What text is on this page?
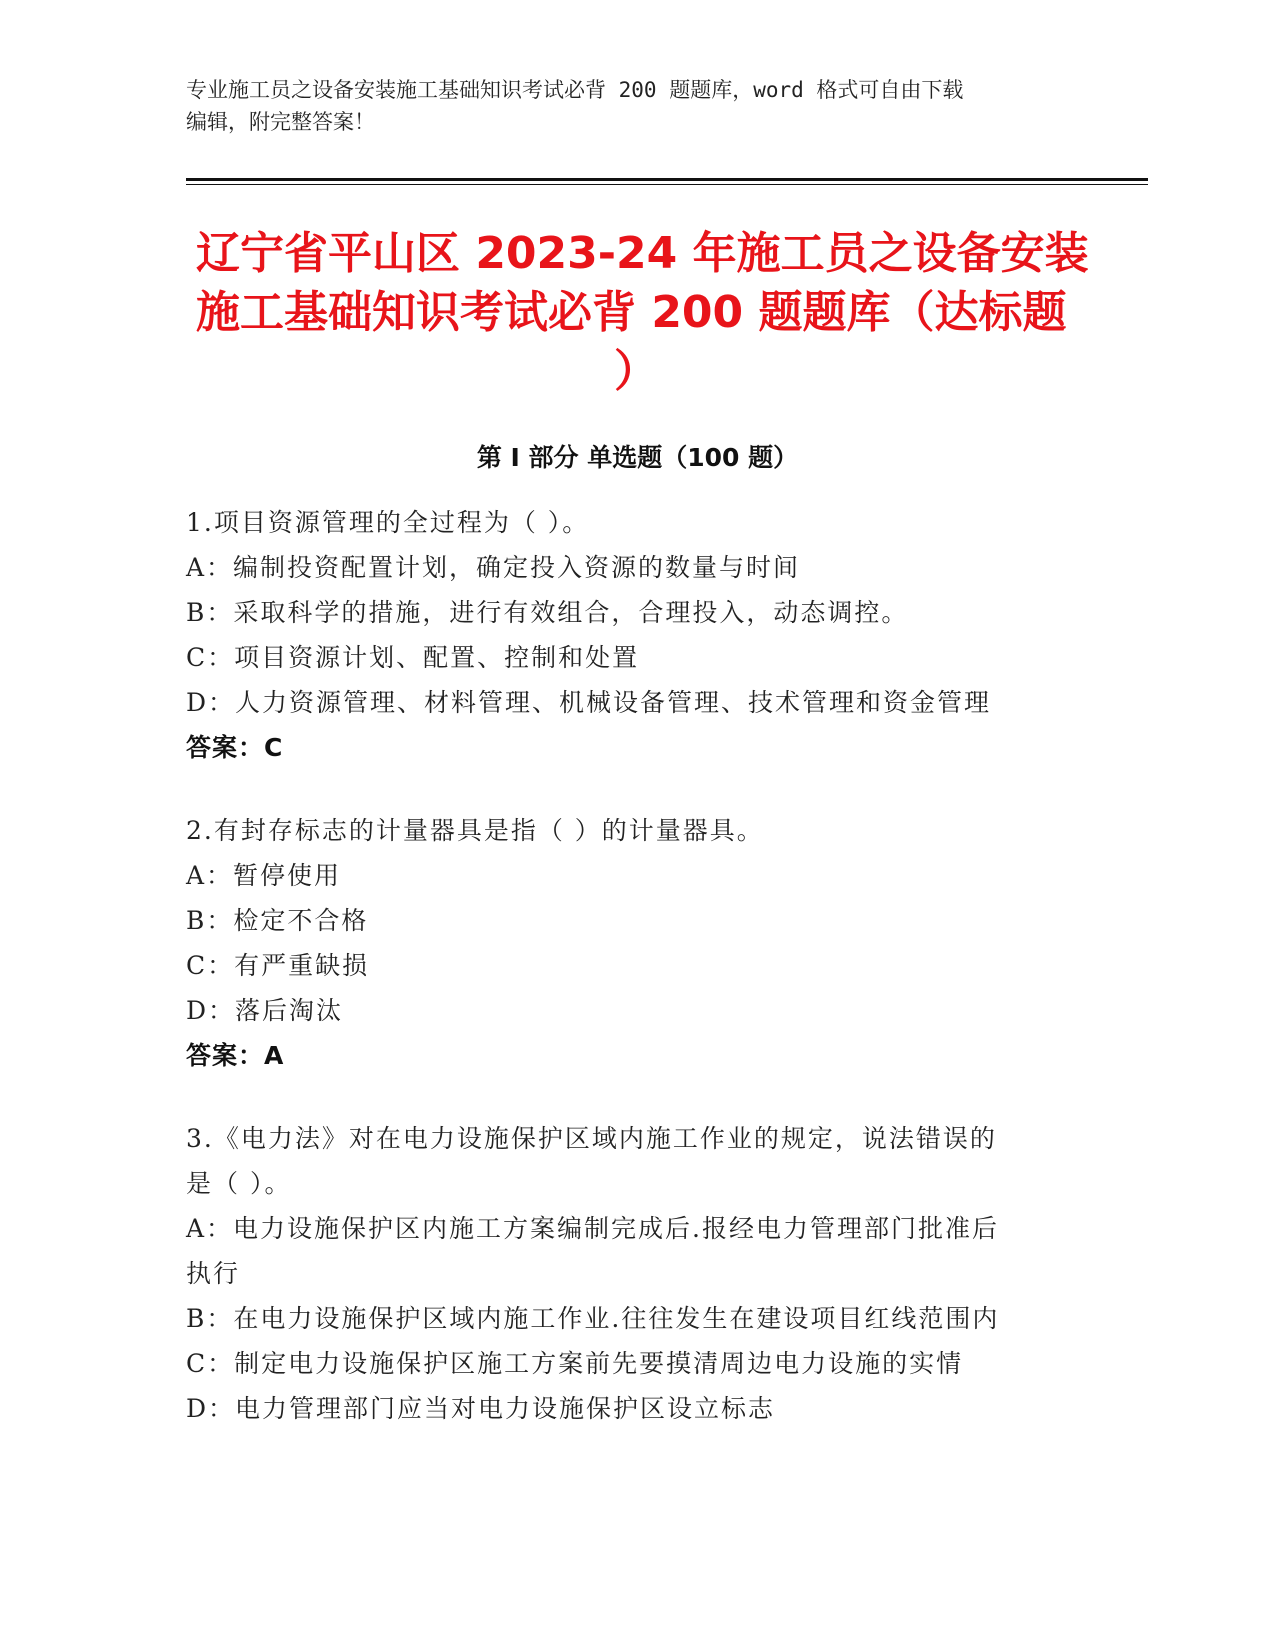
专业施工员之设备安装施工基础知识考试必背 200 题题库，word 格式可自由下载
编辑，附完整答案！
辽宁省平山区 2023-24 年施工员之设备安装
施工基础知识考试必背 200 题题库（达标题
）
第 I 部分 单选题（100 题）
1.项目资源管理的全过程为（ ）。
A：编制投资配置计划，确定投入资源的数量与时间
B：采取科学的措施，进行有效组合，合理投入，动态调控。
C：项目资源计划、配置、控制和处置
D：人力资源管理、材料管理、机械设备管理、技术管理和资金管理
答案：C
2.有封存标志的计量器具是指（ ）的计量器具。
A：暂停使用
B：检定不合格
C：有严重缺损
D：落后淘汰
答案：A
3.《电力法》对在电力设施保护区域内施工作业的规定，说法错误的
是（ ）。
A：电力设施保护区内施工方案编制完成后.报经电力管理部门批准后
执行
B：在电力设施保护区域内施工作业.往往发生在建设项目红线范围内
C：制定电力设施保护区施工方案前先要摸清周边电力设施的实情
D：电力管理部门应当对电力设施保护区设立标志
